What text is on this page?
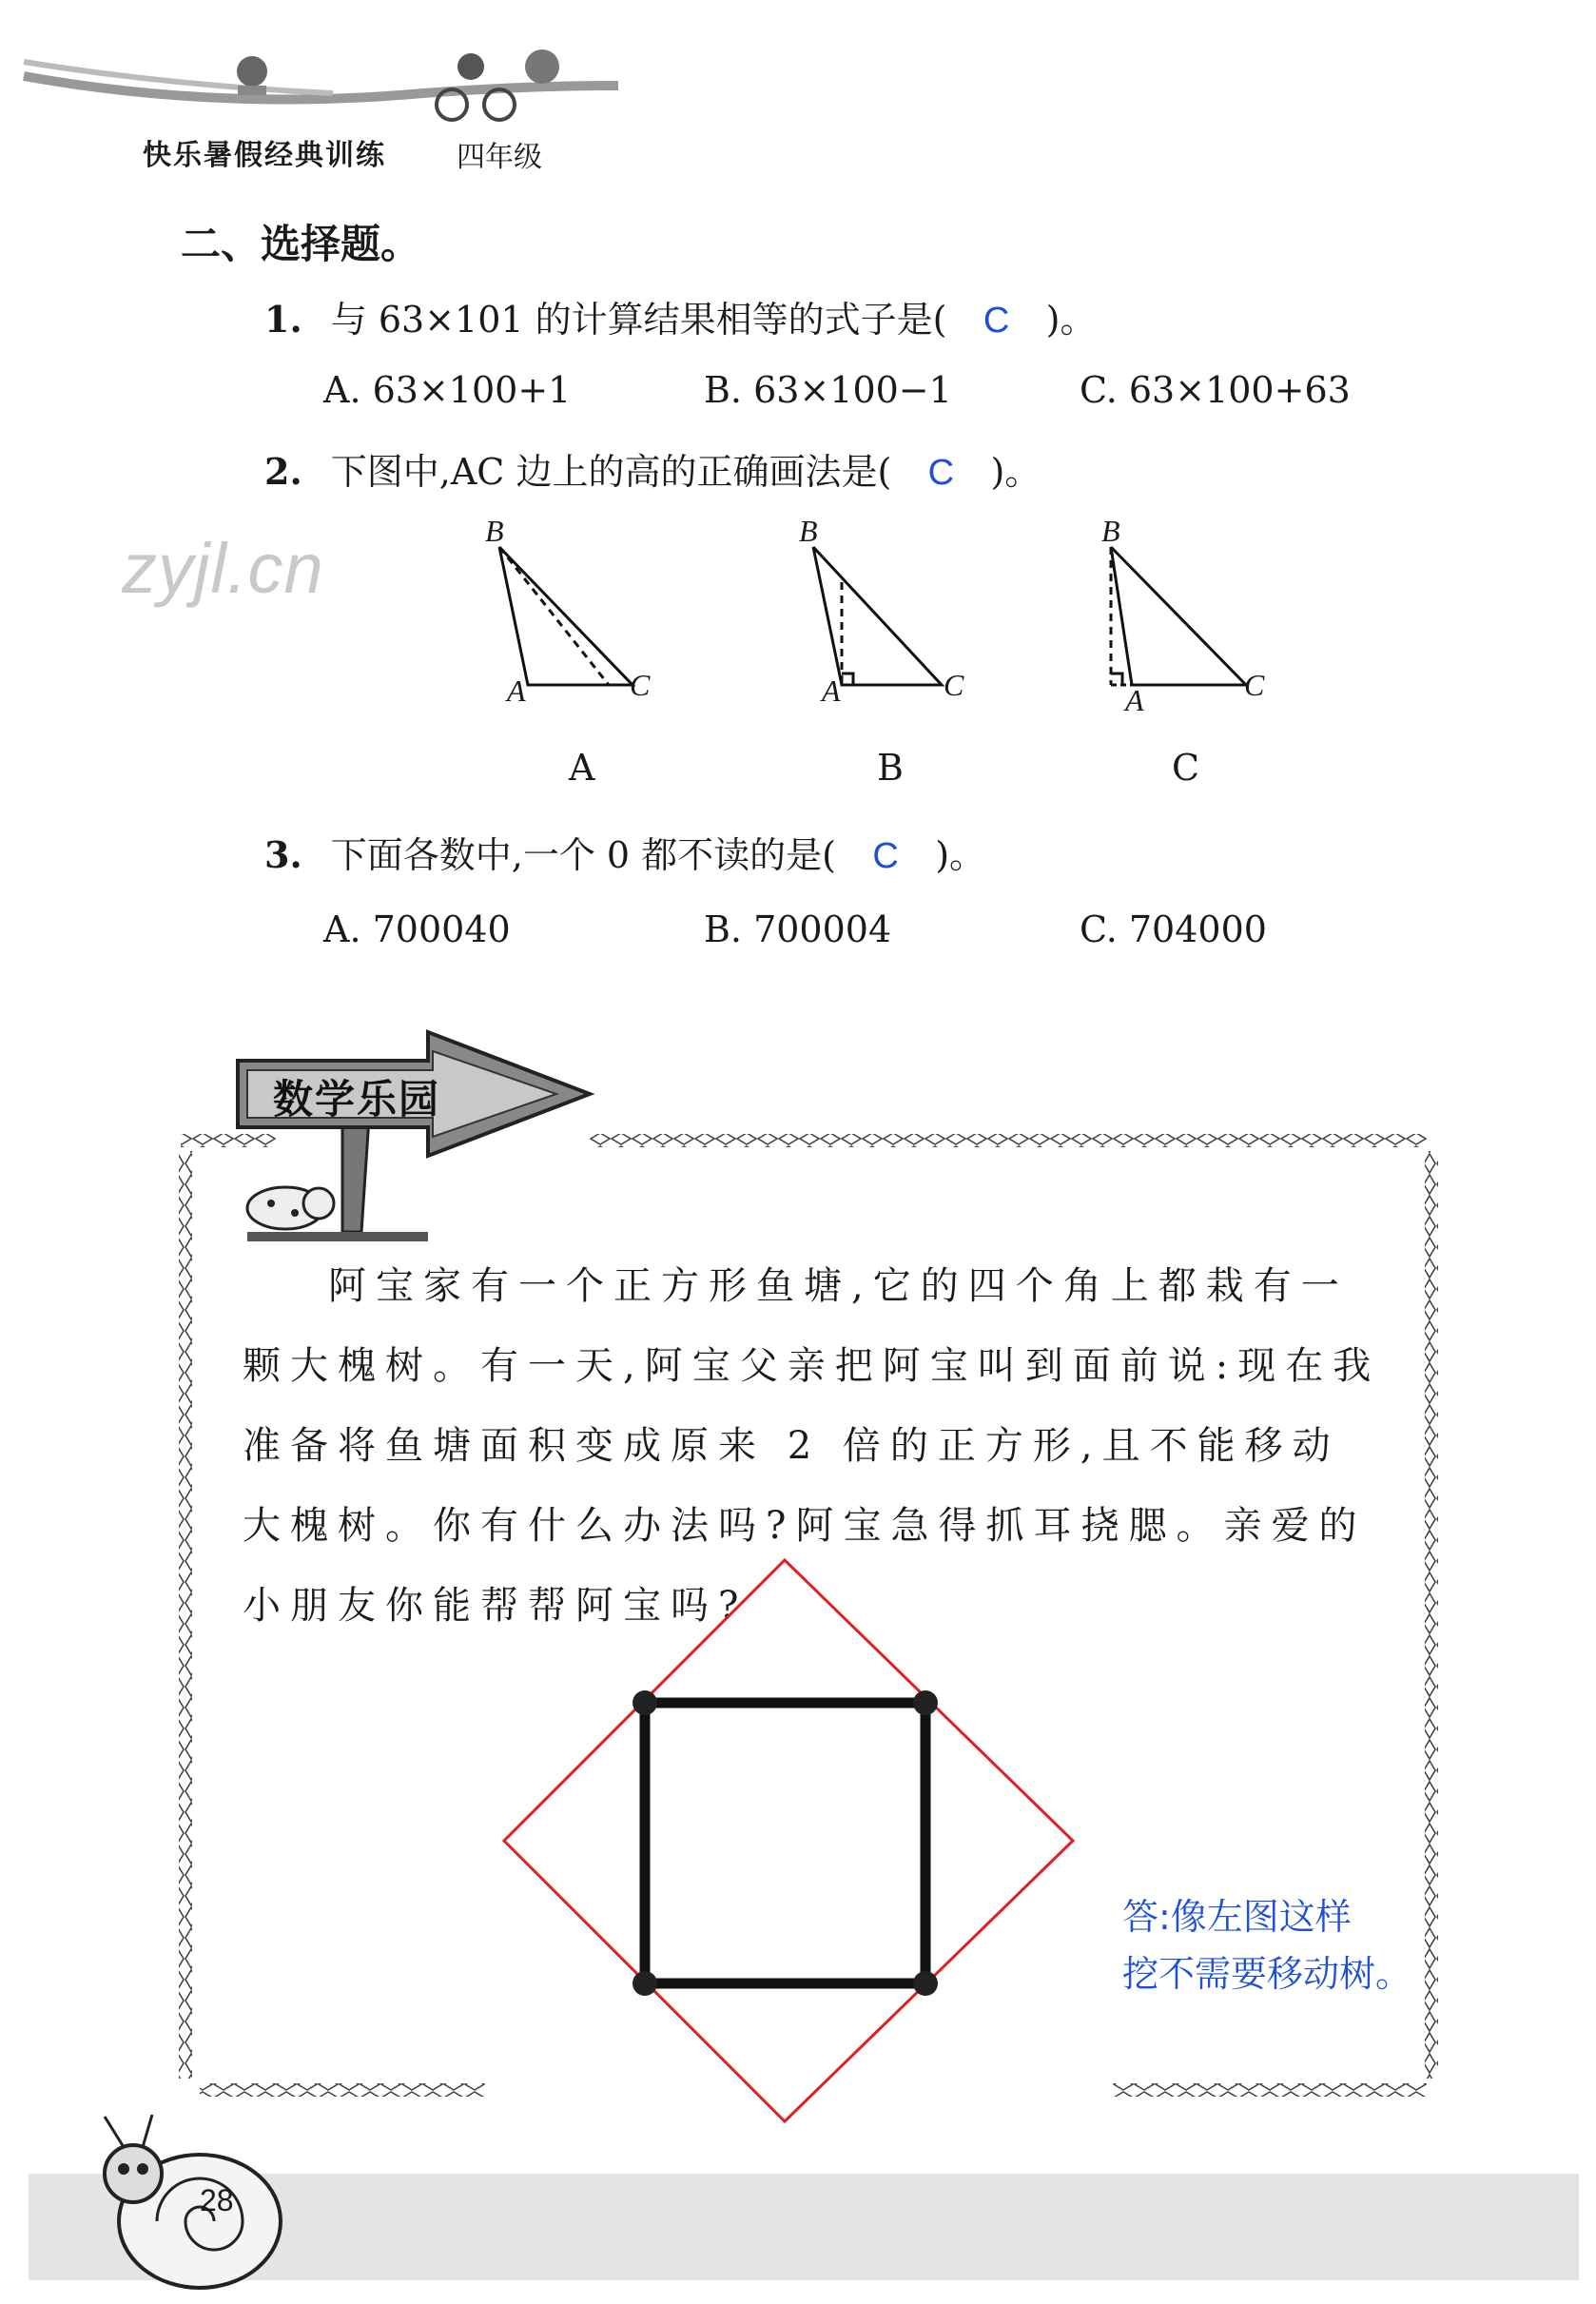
快乐暑假经典训练 四年级
二、选择题。
1. 与 63×101 的计算结果相等的式子是( C )。
A. 63×100+1	B. 63×100−1	C. 63×100+63
2. 下图中,AC 边上的高的正确画法是( C )。
zyjl.cn	B
A	C
B
A	C
B
A	C
A	B	C
3. 下面各数中,一个 0 都不读的是( C )。
A. 700040	B. 700004	C. 704000
数学乐园
阿宝家有一个正方形鱼塘,它的四个角上都栽有一颗大槐树。有一天,阿宝父亲把阿宝叫到面前说:现在我准备将鱼塘面积变成原来 2 倍的正方形,且不能移动大槐树。你有什么办法吗?阿宝急得抓耳挠腮。亲爱的小朋友你能帮帮阿宝吗?
答:像左图这样
挖不需要移动树。
28
